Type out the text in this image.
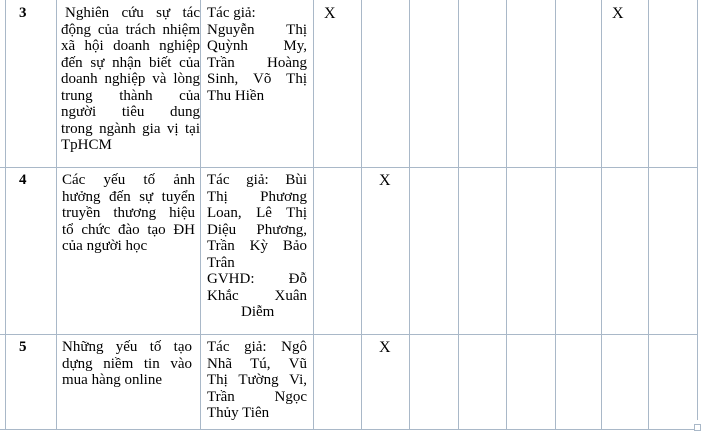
3	Nghiên cứu sự tác
động của trách nhiệm
xã hội doanh nghiệp
đến sự nhận biết của
doanh nghiệp và lòng
trung thành của
người tiêu dung
trong ngành gia vị tại
TpHCM
Tác giả:
Nguyễn Thị
Quỳnh My,
Trần Hoàng
Sinh, Võ Thị
Thu Hiền
X	X
4 Các yếu tố ảnh
hưởng đến sự tuyển
truyền thương hiệu
tổ chức đào tạo ĐH
của người học
Tác giả: Bùi
Thị Phương
Loan, Lê Thị
Diệu Phương,
Trần Kỳ Bảo
Trân
GVHD: Đỗ
Khắc Xuân
Diễm
X
5 Những yếu tố tạo
dựng niềm tin vào
mua hàng online
Tác giả: Ngô
Nhã Tú, Vũ
Thị Tường Vi,
Trần Ngọc
Thủy Tiên
X
